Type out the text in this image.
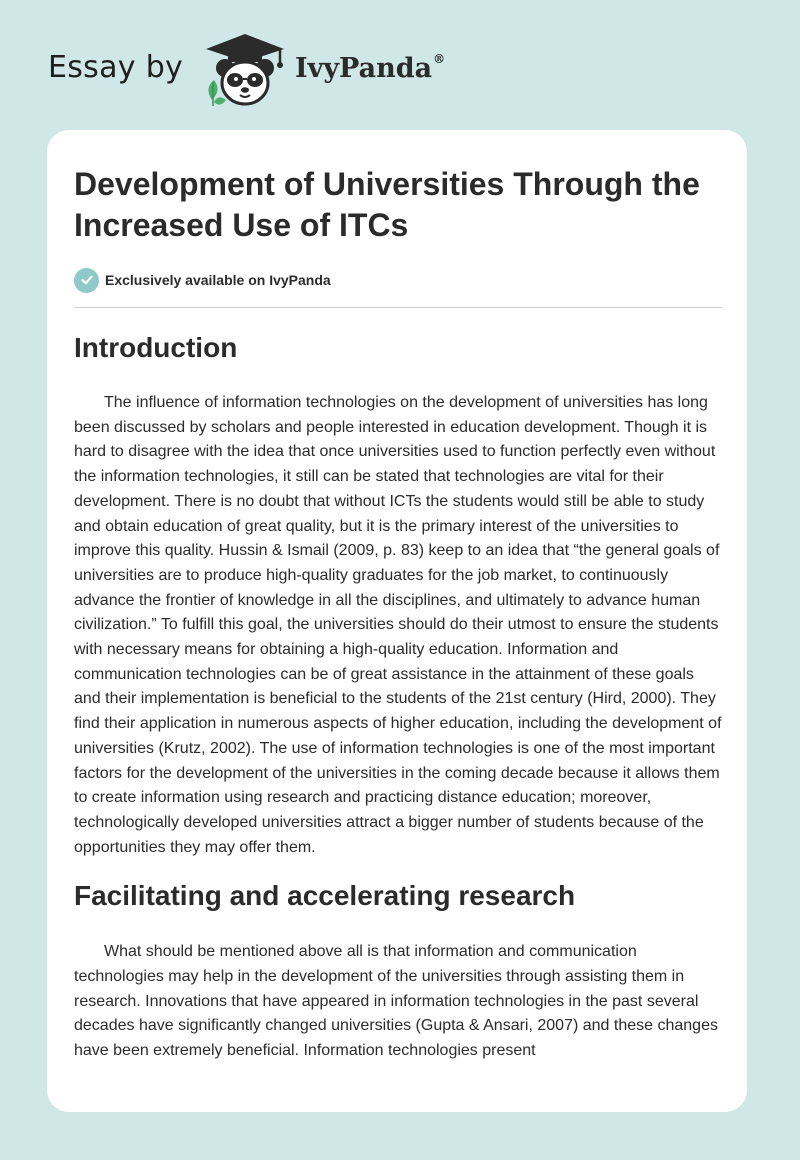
Essay by	IvyPanda®
Development of Universities Through the Increased Use of ITCs
Exclusively available on IvyPanda
Introduction

The influence of information technologies on the development of universities has long been discussed by scholars and people interested in education development. Though it is hard to disagree with the idea that once universities used to function perfectly even without the information technologies, it still can be stated that technologies are vital for their development. There is no doubt that without ICTs the students would still be able to study and obtain education of great quality, but it is the primary interest of the universities to improve this quality. Hussin & Ismail (2009, p. 83) keep to an idea that “the general goals of universities are to produce high-quality graduates for the job market, to continuously advance the frontier of knowledge in all the disciplines, and ultimately to advance human civilization.” To fulfill this goal, the universities should do their utmost to ensure the students with necessary means for obtaining a high-quality education. Information and communication technologies can be of great assistance in the attainment of these goals and their implementation is beneficial to the students of the 21st century (Hird, 2000). They find their application in numerous aspects of higher education, including the development of universities (Krutz, 2002). The use of information technologies is one of the most important factors for the development of the universities in the coming decade because it allows them to create information using research and practicing distance education; moreover, technologically developed universities attract a bigger number of students because of the opportunities they may offer them.

Facilitating and accelerating research

What should be mentioned above all is that information and communication technologies may help in the development of the universities through assisting them in research. Innovations that have appeared in information technologies in the past several decades have significantly changed universities (Gupta & Ansari, 2007) and these changes have been extremely beneficial. Information technologies present
